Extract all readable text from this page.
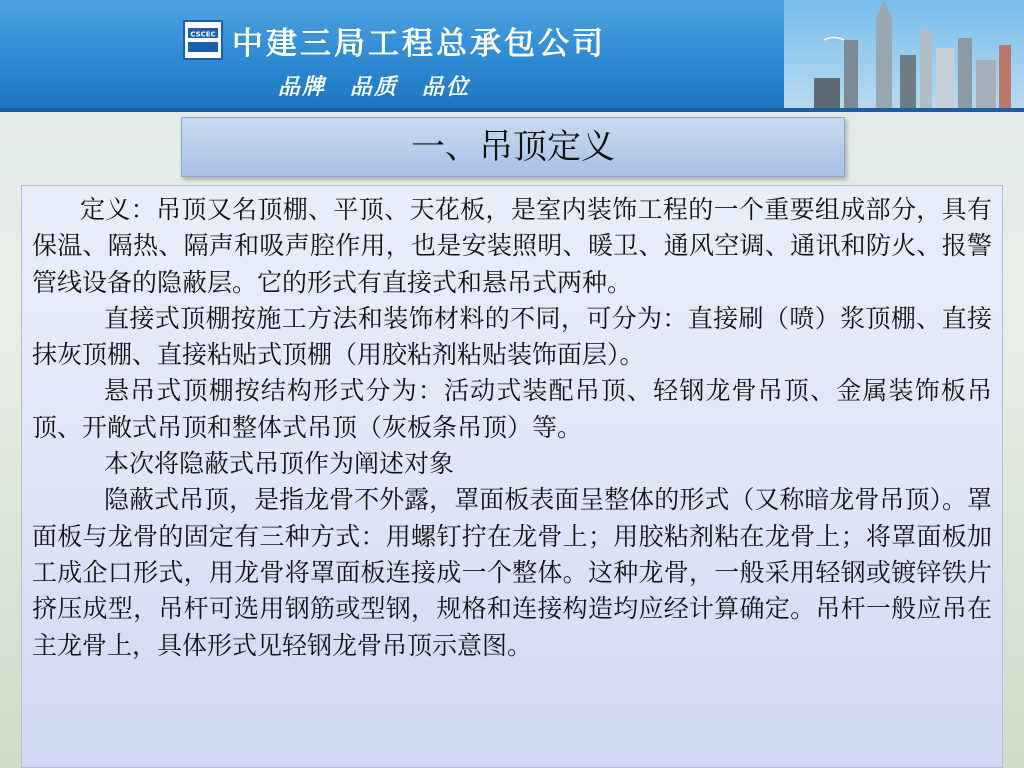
CSCEC 中建三局工程总承包公司
品牌　品质　品位
一、吊顶定义

定义：吊顶又名顶棚、平顶、天花板，是室内装饰工程的一个重要组成部分，具有保温、隔热、隔声和吸声腔作用，也是安装照明、暖卫、通风空调、通讯和防火、报警管线设备的隐蔽层。它的形式有直接式和悬吊式两种。

直接式顶棚按施工方法和装饰材料的不同，可分为：直接刷（喷）浆顶棚、直接抹灰顶棚、直接粘贴式顶棚（用胶粘剂粘贴装饰面层）。

悬吊式顶棚按结构形式分为：活动式装配吊顶、轻钢龙骨吊顶、金属装饰板吊顶、开敞式吊顶和整体式吊顶（灰板条吊顶）等。

本次将隐蔽式吊顶作为阐述对象

隐蔽式吊顶，是指龙骨不外露，罩面板表面呈整体的形式（又称暗龙骨吊顶）。罩面板与龙骨的固定有三种方式：用螺钉拧在龙骨上；用胶粘剂粘在龙骨上；将罩面板加工成企口形式，用龙骨将罩面板连接成一个整体。这种龙骨，一般采用轻钢或镀锌铁片挤压成型，吊杆可选用钢筋或型钢，规格和连接构造均应经计算确定。吊杆一般应吊在主龙骨上，具体形式见轻钢龙骨吊顶示意图。
